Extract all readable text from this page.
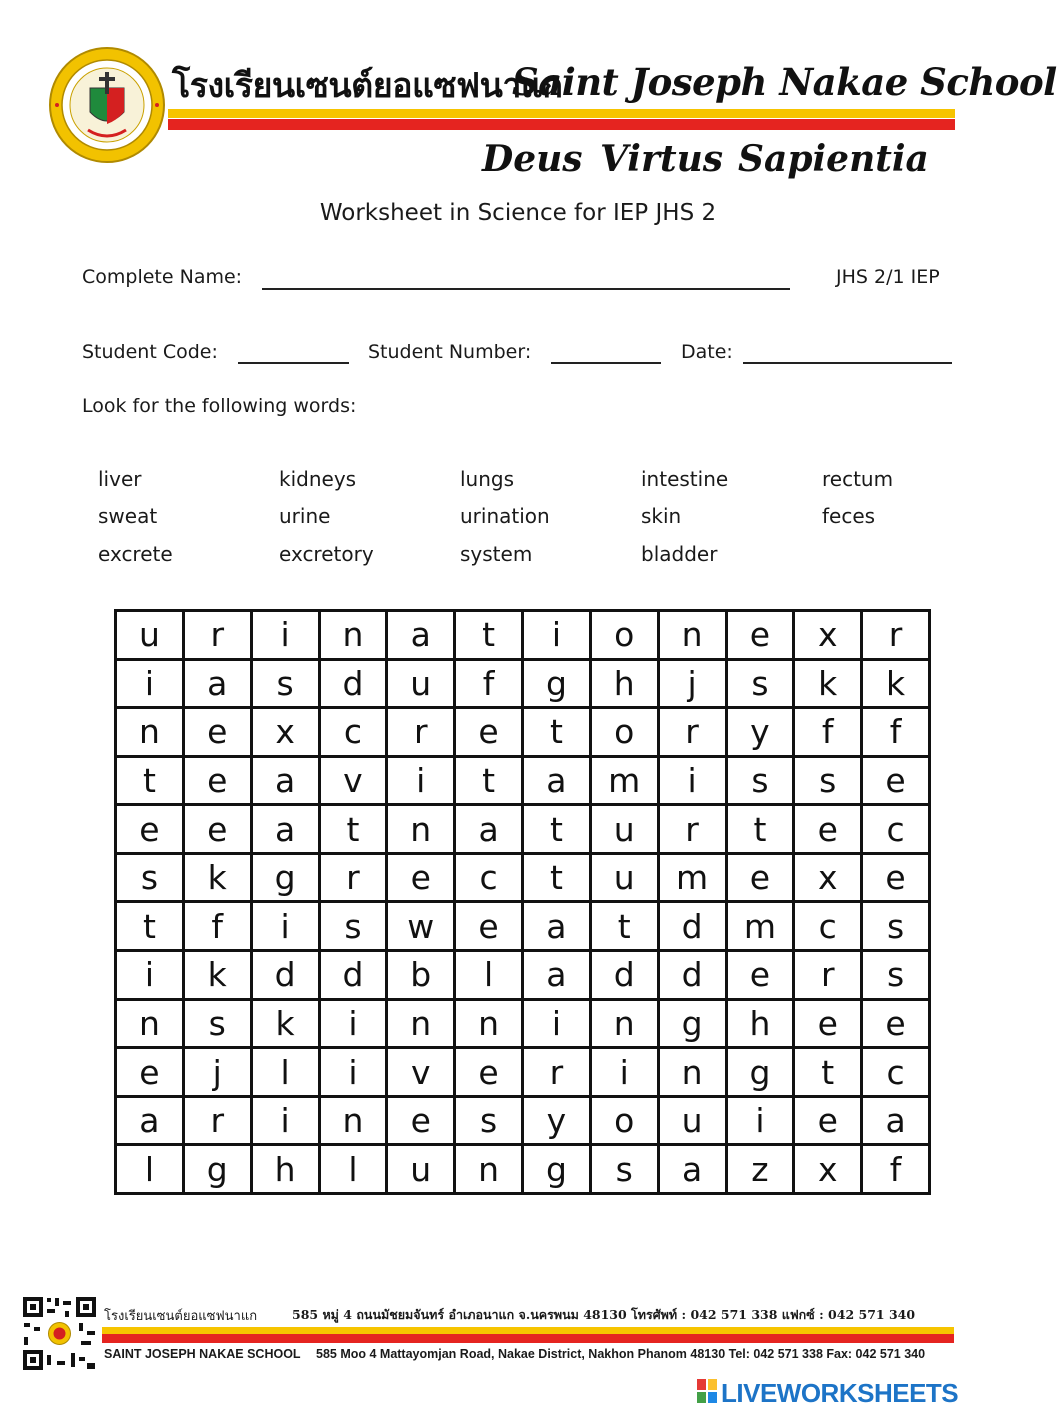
โรงเรียนเซนต์ยอแซฟนาแก
Saint Joseph Nakae School
Deus Virtus Sapientia
Worksheet in Science for IEP JHS 2
Complete Name:	JHS 2/1 IEP
Student Code:	Student Number:	Date:
Look for the following words:
liver	kidneys	lungs	intestine	rectum
sweat	urine	urination	skin	feces
excrete	excretory	system	bladder
u	r	i	n	a	t	i	o	n	e	x	r
i	a	s	d	u	f	g	h	j	s	k	k
n	e	x	c	r	e	t	o	r	y	f	f
t	e	a	v	i	t	a	m	i	s	s	e
e	e	a	t	n	a	t	u	r	t	e	c
s	k	g	r	e	c	t	u	m	e	x	e
t	f	i	s	w	e	a	t	d	m	c	s
i	k	d	d	b	l	a	d	d	e	r	s
n	s	k	i	n	n	i	n	g	h	e	e
e	j	l	i	v	e	r	i	n	g	t	c
a	r	i	n	e	s	y	o	u	i	e	a
l	g	h	l	u	n	g	s	a	z	x	f
โรงเรียนเซนต์ยอแซฟนาแก	585 หมู่ 4 ถนนมัชยมจันทร์ อำเภอนาแก จ.นครพนม 48130 โทรศัพท์ : 042 571 338 แฟกซ์ : 042 571 340
SAINT JOSEPH NAKAE SCHOOL 585 Moo 4 Mattayomjan Road, Nakae District, Nakhon Phanom 48130 Tel: 042 571 338 Fax: 042 571 340
LIVEWORKSHEETS
